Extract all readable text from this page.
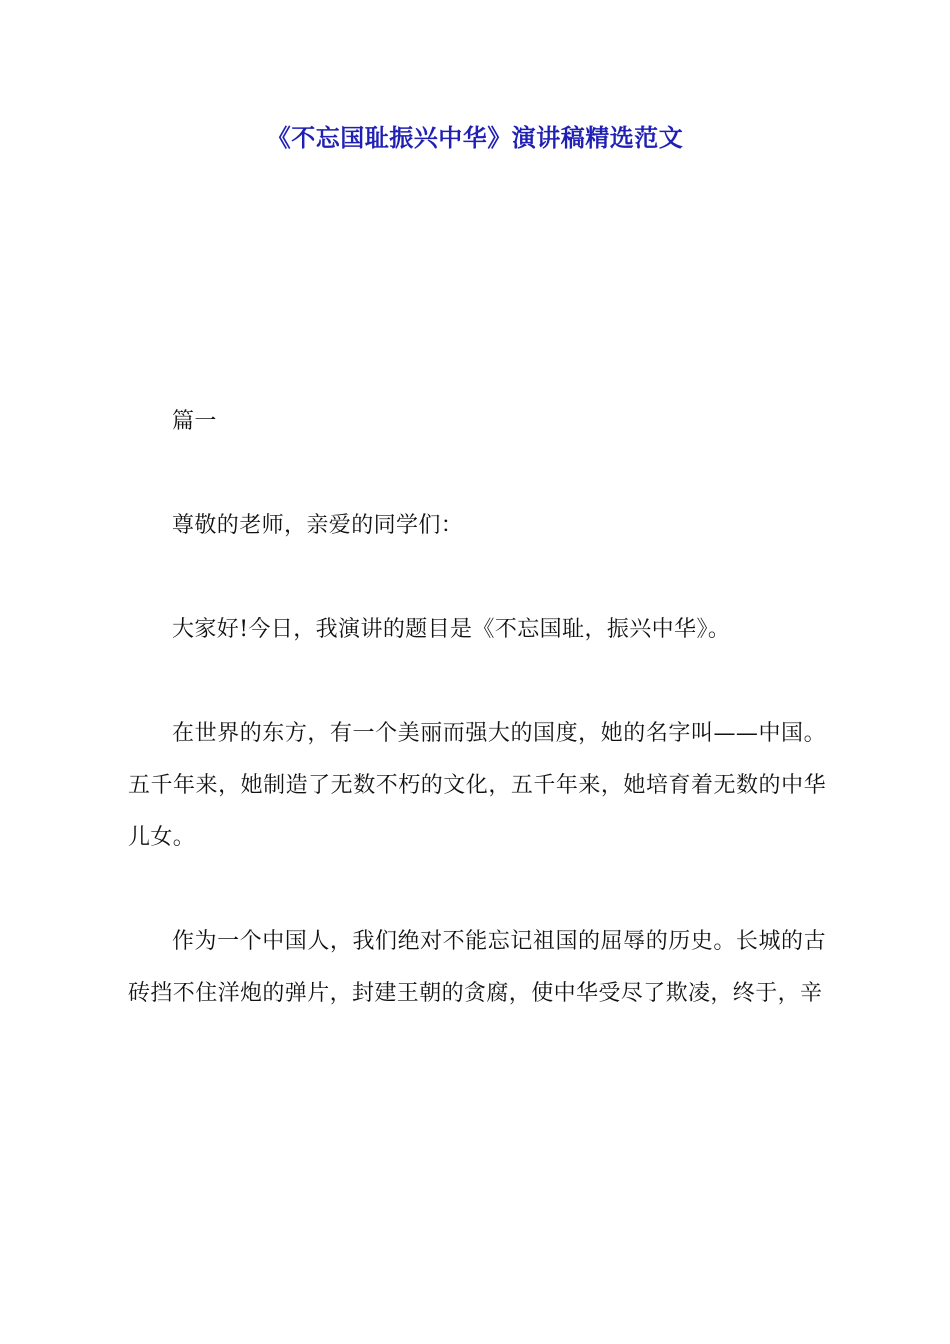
《不忘国耻振兴中华》演讲稿精选范文

篇一

尊敬的老师，亲爱的同学们：

大家好!今日，我演讲的题目是《不忘国耻，振兴中华》。

在世界的东方，有一个美丽而强大的国度，她的名字叫——中国。五千年来，她制造了无数不朽的文化，五千年来，她培育着无数的中华儿女。

作为一个中国人，我们绝对不能忘记祖国的屈辱的历史。长城的古砖挡不住洋炮的弹片，封建王朝的贪腐，使中华受尽了欺凌，终于，辛
